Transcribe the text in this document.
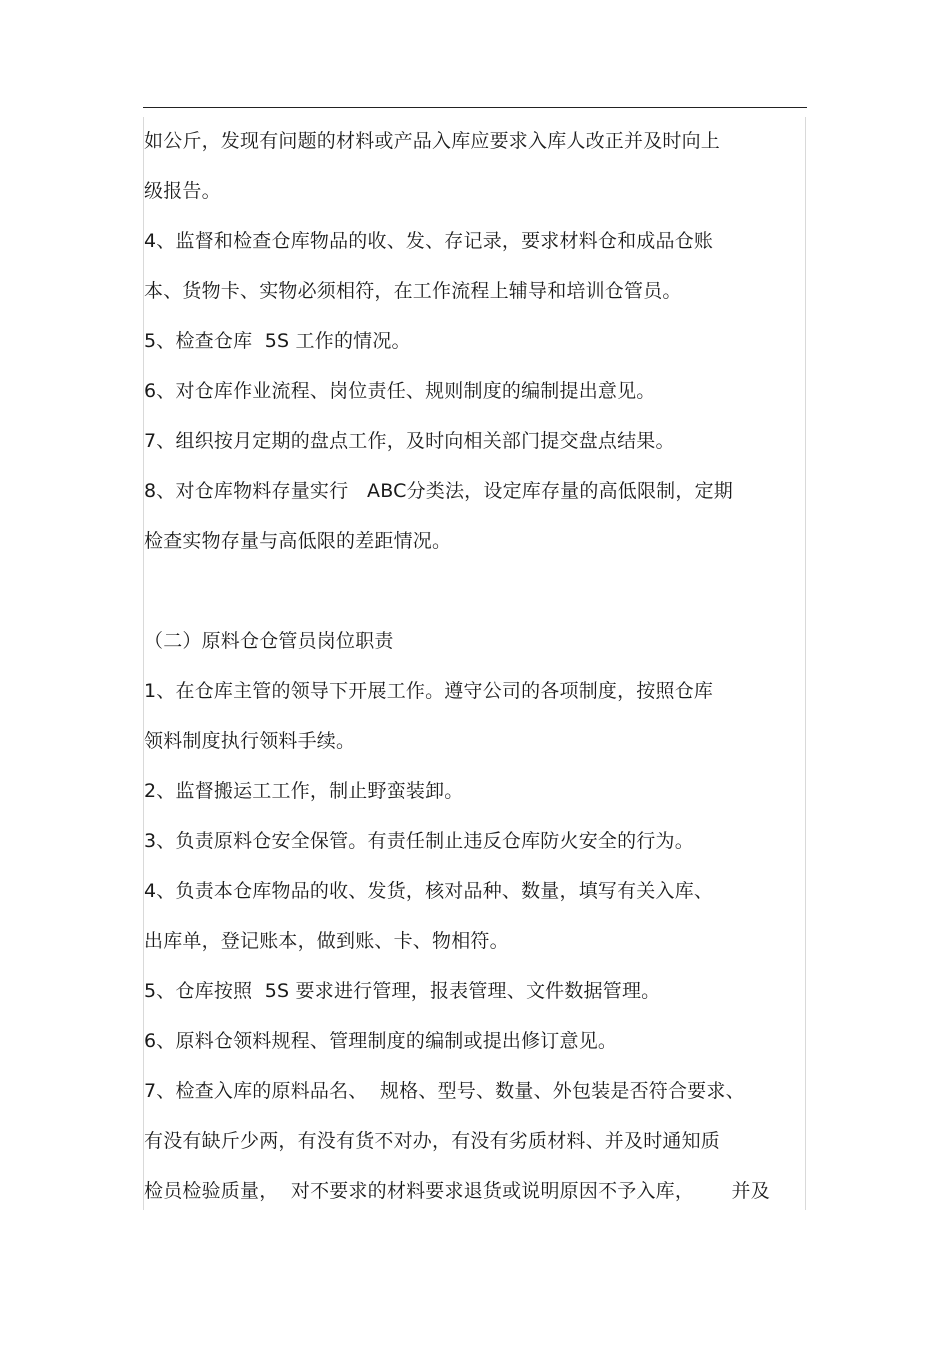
如公斤，发现有问题的材料或产品入库应要求入库人改正并及时向上
级报告。
4、监督和检查仓库物品的收、发、存记录，要求材料仓和成品仓账
本、货物卡、实物必须相符，在工作流程上辅导和培训仓管员。
5、检查仓库  5S 工作的情况。
6、对仓库作业流程、岗位责任、规则制度的编制提出意见。
7、组织按月定期的盘点工作，及时向相关部门提交盘点结果。
8、对仓库物料存量实行   ABC分类法，设定库存量的高低限制，定期
检查实物存量与高低限的差距情况。
（二）原料仓仓管员岗位职责
1、在仓库主管的领导下开展工作。遵守公司的各项制度，按照仓库
领料制度执行领料手续。
2、监督搬运工工作，制止野蛮装卸。
3、负责原料仓安全保管。有责任制止违反仓库防火安全的行为。
4、负责本仓库物品的收、发货，核对品种、数量，填写有关入库、
出库单，登记账本，做到账、卡、物相符。
5、仓库按照  5S 要求进行管理，报表管理、文件数据管理。
6、原料仓领料规程、管理制度的编制或提出修订意见。
7、检查入库的原料品名、  规格、型号、数量、外包装是否符合要求、
有没有缺斤少两，有没有货不对办，有没有劣质材料、并及时通知质
检员检验质量，  对不要求的材料要求退货或说明原因不予入库，      并及
